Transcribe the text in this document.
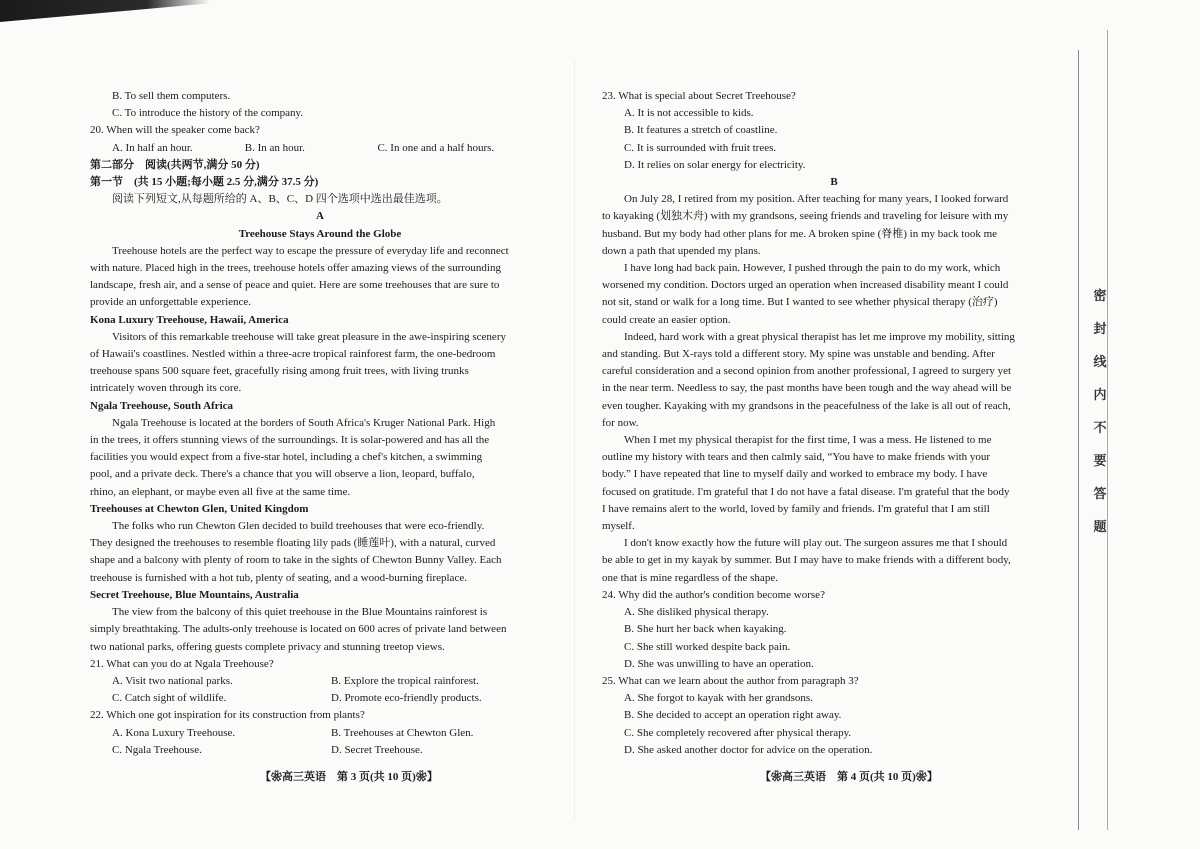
B. To sell them computers.
C. To introduce the history of the company.
20. When will the speaker come back?
A. In half an hour.	B. In an hour.	C. In one and a half hours.
第二部分　阅读(共两节,满分 50 分)
第一节　(共 15 小题;每小题 2.5 分,满分 37.5 分)
阅读下列短文,从每题所给的 A、B、C、D 四个选项中选出最佳选项。
A
Treehouse Stays Around the Globe
Treehouse hotels are the perfect way to escape the pressure of everyday life and reconnect
with nature. Placed high in the trees, treehouse hotels offer amazing views of the surrounding
landscape, fresh air, and a sense of peace and quiet. Here are some treehouses that are sure to
provide an unforgettable experience.
Kona Luxury Treehouse, Hawaii, America
Visitors of this remarkable treehouse will take great pleasure in the awe-inspiring scenery
of Hawaii's coastlines. Nestled within a three-acre tropical rainforest farm, the one-bedroom
treehouse spans 500 square feet, gracefully rising among fruit trees, with living trunks
intricately woven through its core.
Ngala Treehouse, South Africa
Ngala Treehouse is located at the borders of South Africa's Kruger National Park. High
in the trees, it offers stunning views of the surroundings. It is solar-powered and has all the
facilities you would expect from a five-star hotel, including a chef's kitchen, a swimming
pool, and a private deck. There's a chance that you will observe a lion, leopard, buffalo,
rhino, an elephant, or maybe even all five at the same time.
Treehouses at Chewton Glen, United Kingdom
The folks who run Chewton Glen decided to build treehouses that were eco-friendly.
They designed the treehouses to resemble floating lily pads (睡莲叶), with a natural, curved
shape and a balcony with plenty of room to take in the sights of Chewton Bunny Valley. Each
treehouse is furnished with a hot tub, plenty of seating, and a wood-burning fireplace.
Secret Treehouse, Blue Mountains, Australia
The view from the balcony of this quiet treehouse in the Blue Mountains rainforest is
simply breathtaking. The adults-only treehouse is located on 600 acres of private land between
two national parks, offering guests complete privacy and stunning treetop views.
21. What can you do at Ngala Treehouse?
A. Visit two national parks.	B. Explore the tropical rainforest.
C. Catch sight of wildlife.	D. Promote eco-friendly products.
22. Which one got inspiration for its construction from plants?
A. Kona Luxury Treehouse.	B. Treehouses at Chewton Glen.
C. Ngala Treehouse.	D. Secret Treehouse.
【❀高三英语　第 3 页(共 10 页)❀】
23. What is special about Secret Treehouse?
A. It is not accessible to kids.
B. It features a stretch of coastline.
C. It is surrounded with fruit trees.
D. It relies on solar energy for electricity.
B
On July 28, I retired from my position. After teaching for many years, I looked forward
to kayaking (划独木舟) with my grandsons, seeing friends and traveling for leisure with my
husband. But my body had other plans for me. A broken spine (脊椎) in my back took me
down a path that upended my plans.
I have long had back pain. However, I pushed through the pain to do my work, which
worsened my condition. Doctors urged an operation when increased disability meant I could
not sit, stand or walk for a long time. But I wanted to see whether physical therapy (治疗)
could create an easier option.
Indeed, hard work with a great physical therapist has let me improve my mobility, sitting
and standing. But X-rays told a different story. My spine was unstable and bending. After
careful consideration and a second opinion from another professional, I agreed to surgery yet
in the near term. Needless to say, the past months have been tough and the way ahead will be
even tougher. Kayaking with my grandsons in the peacefulness of the lake is all out of reach,
for now.
When I met my physical therapist for the first time, I was a mess. He listened to me
outline my history with tears and then calmly said, “You have to make friends with your
body.” I have repeated that line to myself daily and worked to embrace my body. I have
focused on gratitude. I'm grateful that I do not have a fatal disease. I'm grateful that the body
I have remains alert to the world, loved by family and friends. I'm grateful that I am still
myself.
I don't know exactly how the future will play out. The surgeon assures me that I should
be able to get in my kayak by summer. But I may have to make friends with a different body,
one that is mine regardless of the shape.
24. Why did the author's condition become worse?
A. She disliked physical therapy.
B. She hurt her back when kayaking.
C. She still worked despite back pain.
D. She was unwilling to have an operation.
25. What can we learn about the author from paragraph 3?
A. She forgot to kayak with her grandsons.
B. She decided to accept an operation right away.
C. She completely recovered after physical therapy.
D. She asked another doctor for advice on the operation.
【❀高三英语　第 4 页(共 10 页)❀】
密
封
线
内
不
要
答
题
